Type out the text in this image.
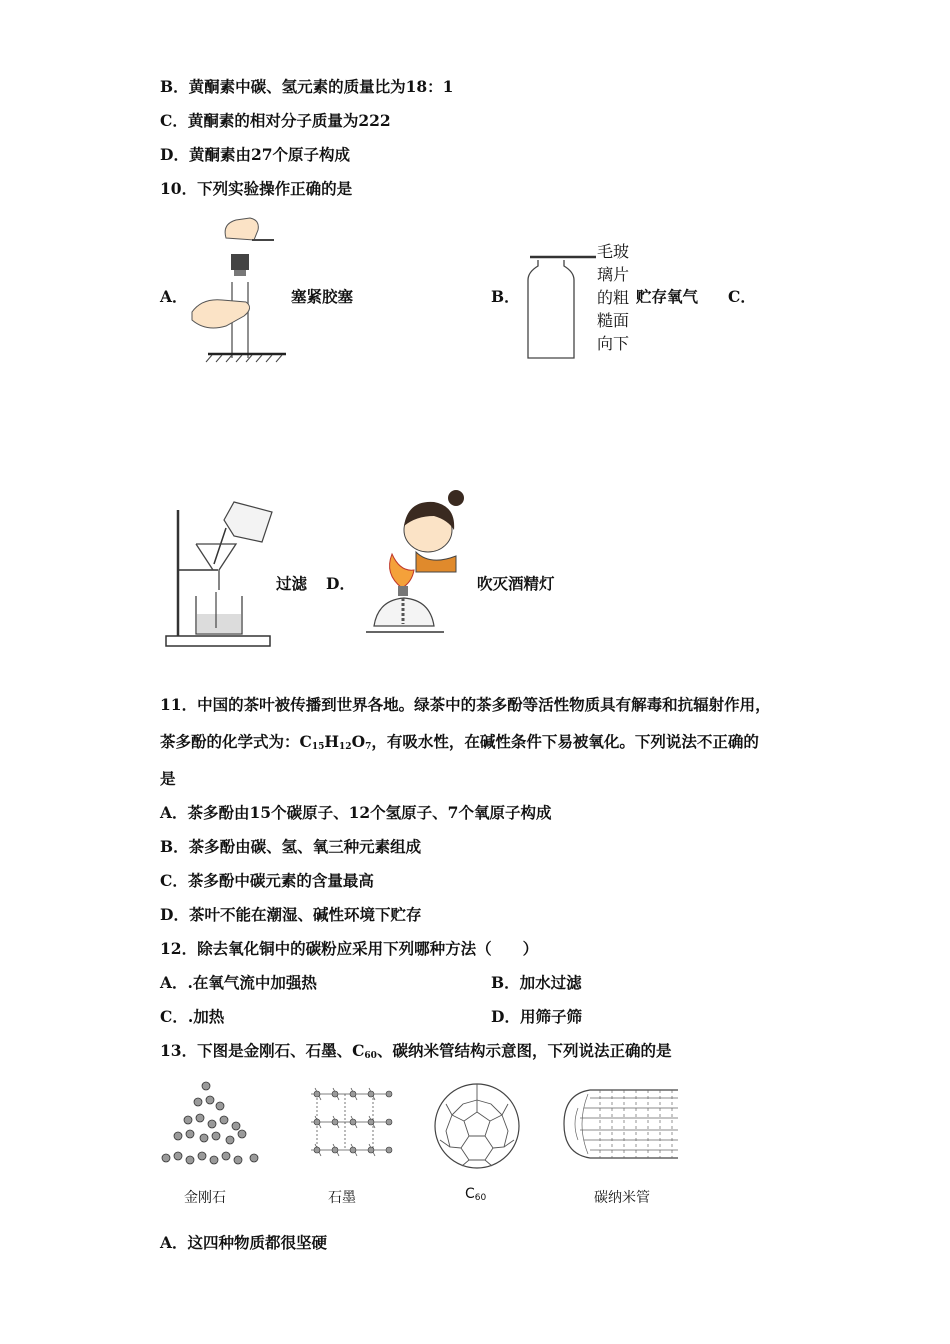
B．黄酮素中碳、氢元素的质量比为18：1
C．黄酮素的相对分子质量为222
D．黄酮素由27个原子构成
10．下列实验操作正确的是
A．	塞紧胶塞	B．
毛玻璃片的粗糙面向下
贮存氧气 C．
过滤 D．	吹灭酒精灯
11．中国的茶叶被传播到世界各地。绿茶中的茶多酚等活性物质具有解毒和抗辐射作用，
茶多酚的化学式为：$C_{15}H_{12}O_7$，有吸水性，在碱性条件下易被氧化。下列说法不正确的
是
A．茶多酚由15个碳原子、12个氢原子、7个氧原子构成
B．茶多酚由碳、氢、氧三种元素组成
C．茶多酚中碳元素的含量最高
D．茶叶不能在潮湿、碱性环境下贮存
12．除去氧化铜中的碳粉应采用下列哪种方法（　　）
A．.在氧气流中加强热	B．加水过滤
C．.加热	D．用筛子筛
13．下图是金刚石、石墨、$C_{60}$、碳纳米管结构示意图，下列说法正确的是
金刚石	石墨	$C_{60}$	碳纳米管
A．这四种物质都很坚硬
